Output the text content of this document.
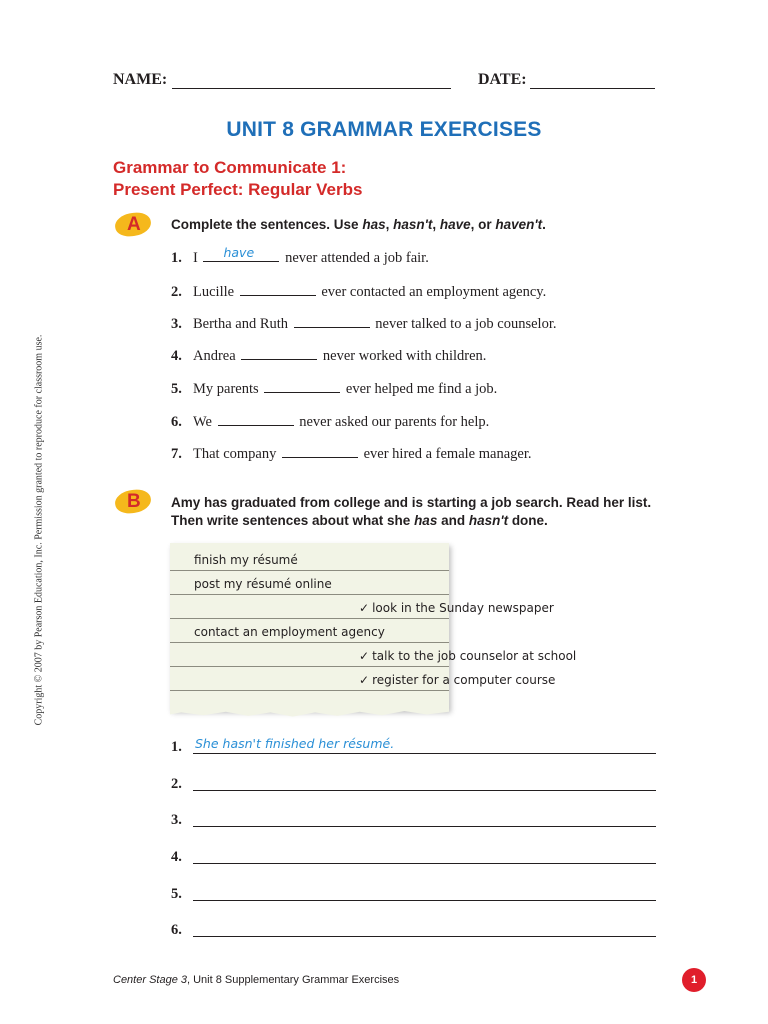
NAME:	DATE:
UNIT 8 GRAMMAR EXERCISES
Grammar to Communicate 1:
Present Perfect: Regular Verbs
A Complete the sentences. Use has, hasn't, have, or haven't.
1. I have never attended a job fair.
2. Lucille	ever contacted an employment agency.
3. Bertha and Ruth	never talked to a job counselor.
4. Andrea	never worked with children.
5. My parents	ever helped me find a job.
6. We	never asked our parents for help.
7. That company	ever hired a female manager.
B Amy has graduated from college and is starting a job search. Read her list.
Then write sentences about what she has and hasn't done.
finish my résumé
post my résumé online
✓ look in the Sunday newspaper
contact an employment agency
✓ talk to the job counselor at school
✓ register for a computer course
1. She hasn't finished her résumé.
2.
3.
4.
5.
6.
Copyright © 2007 by Pearson Education, Inc. Permission granted to reproduce for classroom use.
Center Stage 3, Unit 8 Supplementary Grammar Exercises	1
